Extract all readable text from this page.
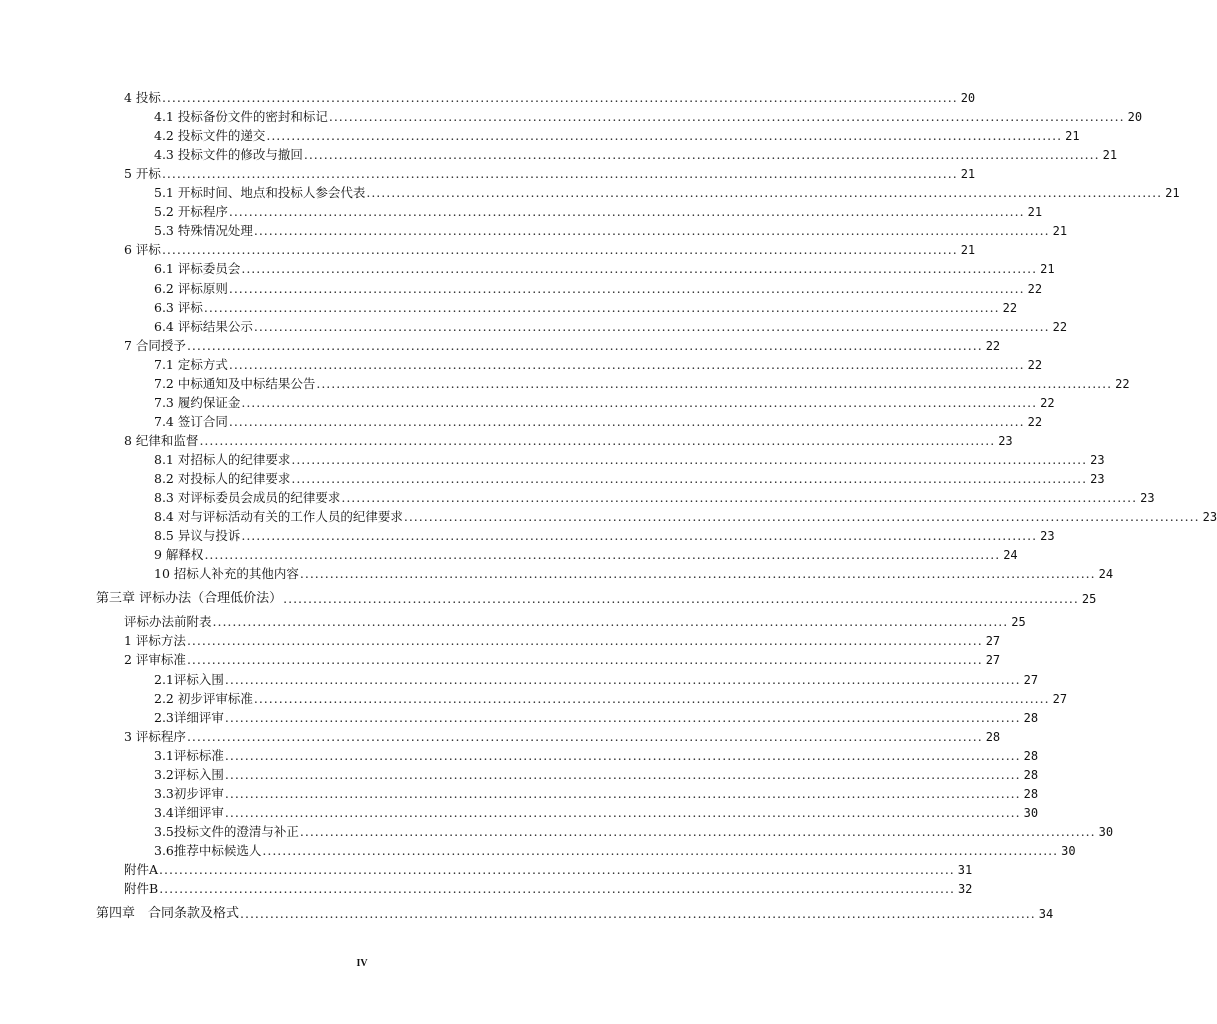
4 投标 ................................................................................................................................................................ 20
4.1 投标备份文件的密封和标记 ................................................................................................................................................................ 20
4.2 投标文件的递交 ................................................................................................................................................................ 21
4.3 投标文件的修改与撤回 ................................................................................................................................................................ 21
5 开标 ................................................................................................................................................................ 21
5.1 开标时间、地点和投标人参会代表 ................................................................................................................................................................ 21
5.2 开标程序 ................................................................................................................................................................ 21
5.3 特殊情况处理 ................................................................................................................................................................ 21
6 评标 ................................................................................................................................................................ 21
6.1 评标委员会 ................................................................................................................................................................ 21
6.2 评标原则 ................................................................................................................................................................ 22
6.3 评标 ................................................................................................................................................................ 22
6.4 评标结果公示 ................................................................................................................................................................ 22
7 合同授予 ................................................................................................................................................................ 22
7.1 定标方式 ................................................................................................................................................................ 22
7.2 中标通知及中标结果公告 ................................................................................................................................................................ 22
7.3 履约保证金 ................................................................................................................................................................ 22
7.4 签订合同 ................................................................................................................................................................ 22
8 纪律和监督 ................................................................................................................................................................ 23
8.1 对招标人的纪律要求 ................................................................................................................................................................ 23
8.2 对投标人的纪律要求 ................................................................................................................................................................ 23
8.3 对评标委员会成员的纪律要求 ................................................................................................................................................................ 23
8.4 对与评标活动有关的工作人员的纪律要求 ................................................................................................................................................................ 23
8.5 异议与投诉 ................................................................................................................................................................ 23
9 解释权 ................................................................................................................................................................ 24
10 招标人补充的其他内容 ................................................................................................................................................................ 24
第三章 评标办法（合理低价法） ................................................................................................................................................................ 25
评标办法前附表 ................................................................................................................................................................ 25
1 评标方法 ................................................................................................................................................................ 27
2 评审标准 ................................................................................................................................................................ 27
2.1评标入围 ................................................................................................................................................................ 27
2.2 初步评审标准 ................................................................................................................................................................ 27
2.3详细评审 ................................................................................................................................................................ 28
3 评标程序 ................................................................................................................................................................ 28
3.1评标标准 ................................................................................................................................................................ 28
3.2评标入围 ................................................................................................................................................................ 28
3.3初步评审 ................................................................................................................................................................ 28
3.4详细评审 ................................................................................................................................................................ 30
3.5投标文件的澄清与补正 ................................................................................................................................................................ 30
3.6推荐中标候选人 ................................................................................................................................................................ 30
附件A ................................................................................................................................................................ 31
附件B ................................................................................................................................................................ 32
第四章　合同条款及格式 ................................................................................................................................................................ 34
IV
